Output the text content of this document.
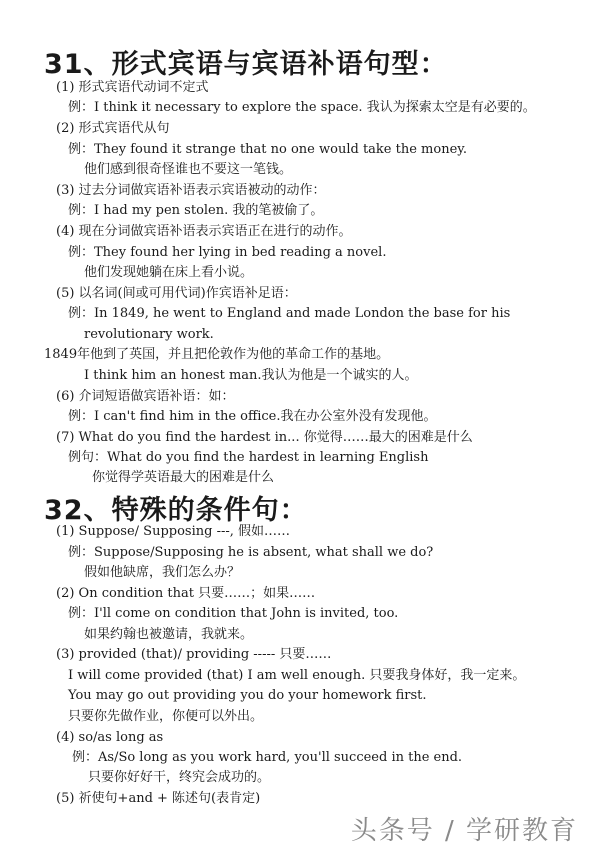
31、形式宾语与宾语补语句型：
(1) 形式宾语代动词不定式
例：I think it necessary to explore the space. 我认为探索太空是有必要的。
(2) 形式宾语代从句
例：They found it strange that no one would take the money.
他们感到很奇怪谁也不要这一笔钱。
(3) 过去分词做宾语补语表示宾语被动的动作：
例：I had my pen stolen. 我的笔被偷了。
(4) 现在分词做宾语补语表示宾语正在进行的动作。
例：They found her lying in bed reading a novel.
他们发现她躺在床上看小说。
(5) 以名词(间或可用代词)作宾语补足语：
例：In 1849, he went to England and made London the base for his
revolutionary work.
1849年他到了英国，并且把伦敦作为他的革命工作的基地。
I think him an honest man.我认为他是一个诚实的人。
(6) 介词短语做宾语补语：如：
例：I can't find him in the office.我在办公室外没有发现他。
(7) What do you find the hardest in... 你觉得……最大的困难是什么
例句：What do you find the hardest in learning English
你觉得学英语最大的困难是什么
32、特殊的条件句：
(1) Suppose/ Supposing ---, 假如……
例：Suppose/Supposing he is absent, what shall we do?
假如他缺席，我们怎么办？
(2) On condition that 只要……；如果……
例：I'll come on condition that John is invited, too.
如果约翰也被邀请，我就来。
(3) provided (that)/ providing ----- 只要……
I will come provided (that) I am well enough. 只要我身体好，我一定来。
You may go out providing you do your homework first.
只要你先做作业，你便可以外出。
(4) so/as long as
例：As/So long as you work hard, you'll succeed in the end.
只要你好好干，终究会成功的。
(5) 祈使句+and + 陈述句(表肯定)
头条号 / 学研教育
